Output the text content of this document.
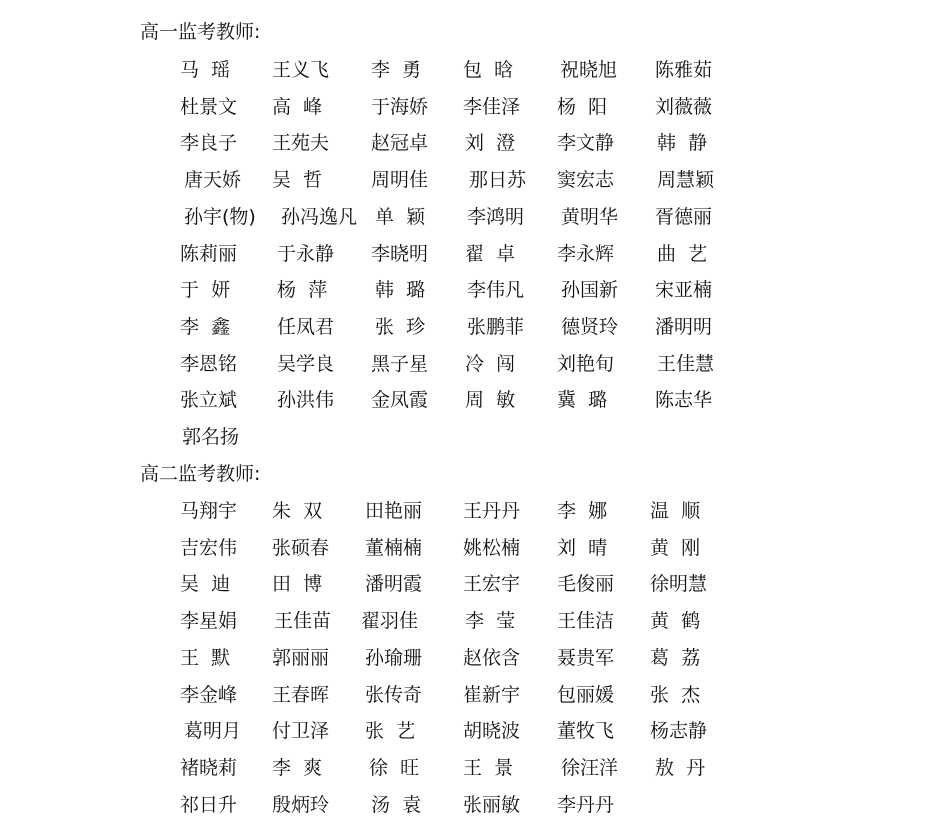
高一监考教师:
马  瑶 王义飞 李  勇 包  晗 祝晓旭 陈雅茹
杜景文 高  峰	于海娇 李佳泽 杨  阳	刘薇薇
李良子 王苑夫 赵冠卓 刘  澄 李文静 韩  静
唐天娇 吴  哲	周明佳 那日苏 窦宏志 周慧颖
孙宇(物) 孙冯逸凡 单  颖 李鸿明 黄明华 胥德丽
陈莉丽 于永静 李晓明 翟  卓 李永辉 曲  艺
于  妍 杨  萍	韩  璐 李伟凡 孙国新 宋亚楠
李  鑫 任凤君 张  珍 张鹏菲 德贤玲 潘明明
李恩铭 吴学良 黑子星 冷  闯 刘艳旬 王佳慧
张立斌 孙洪伟 金凤霞 周  敏 冀  璐	陈志华
郭名扬
高二监考教师:
马翔宇 朱  双 田艳丽 王丹丹 李  娜 温  顺
吉宏伟 张硕春 董楠楠 姚松楠 刘  晴 黄  刚
吴  迪 田  博 潘明霞 王宏宇 毛俊丽 徐明慧
李星娟 王佳苗 翟羽佳 李  莹 王佳洁 黄  鹤
王  默 郭丽丽 孙瑜珊 赵依含 聂贵军 葛  荔
李金峰 王春晖 张传奇 崔新宇 包丽媛 张  杰
葛明月 付卫泽 张  艺	胡晓波 董牧飞 杨志静
褚晓莉 李  爽 徐  旺 王  景	徐汪洋 敖  丹
祁日升 殷炳玲 汤  袁 张丽敏 李丹丹
